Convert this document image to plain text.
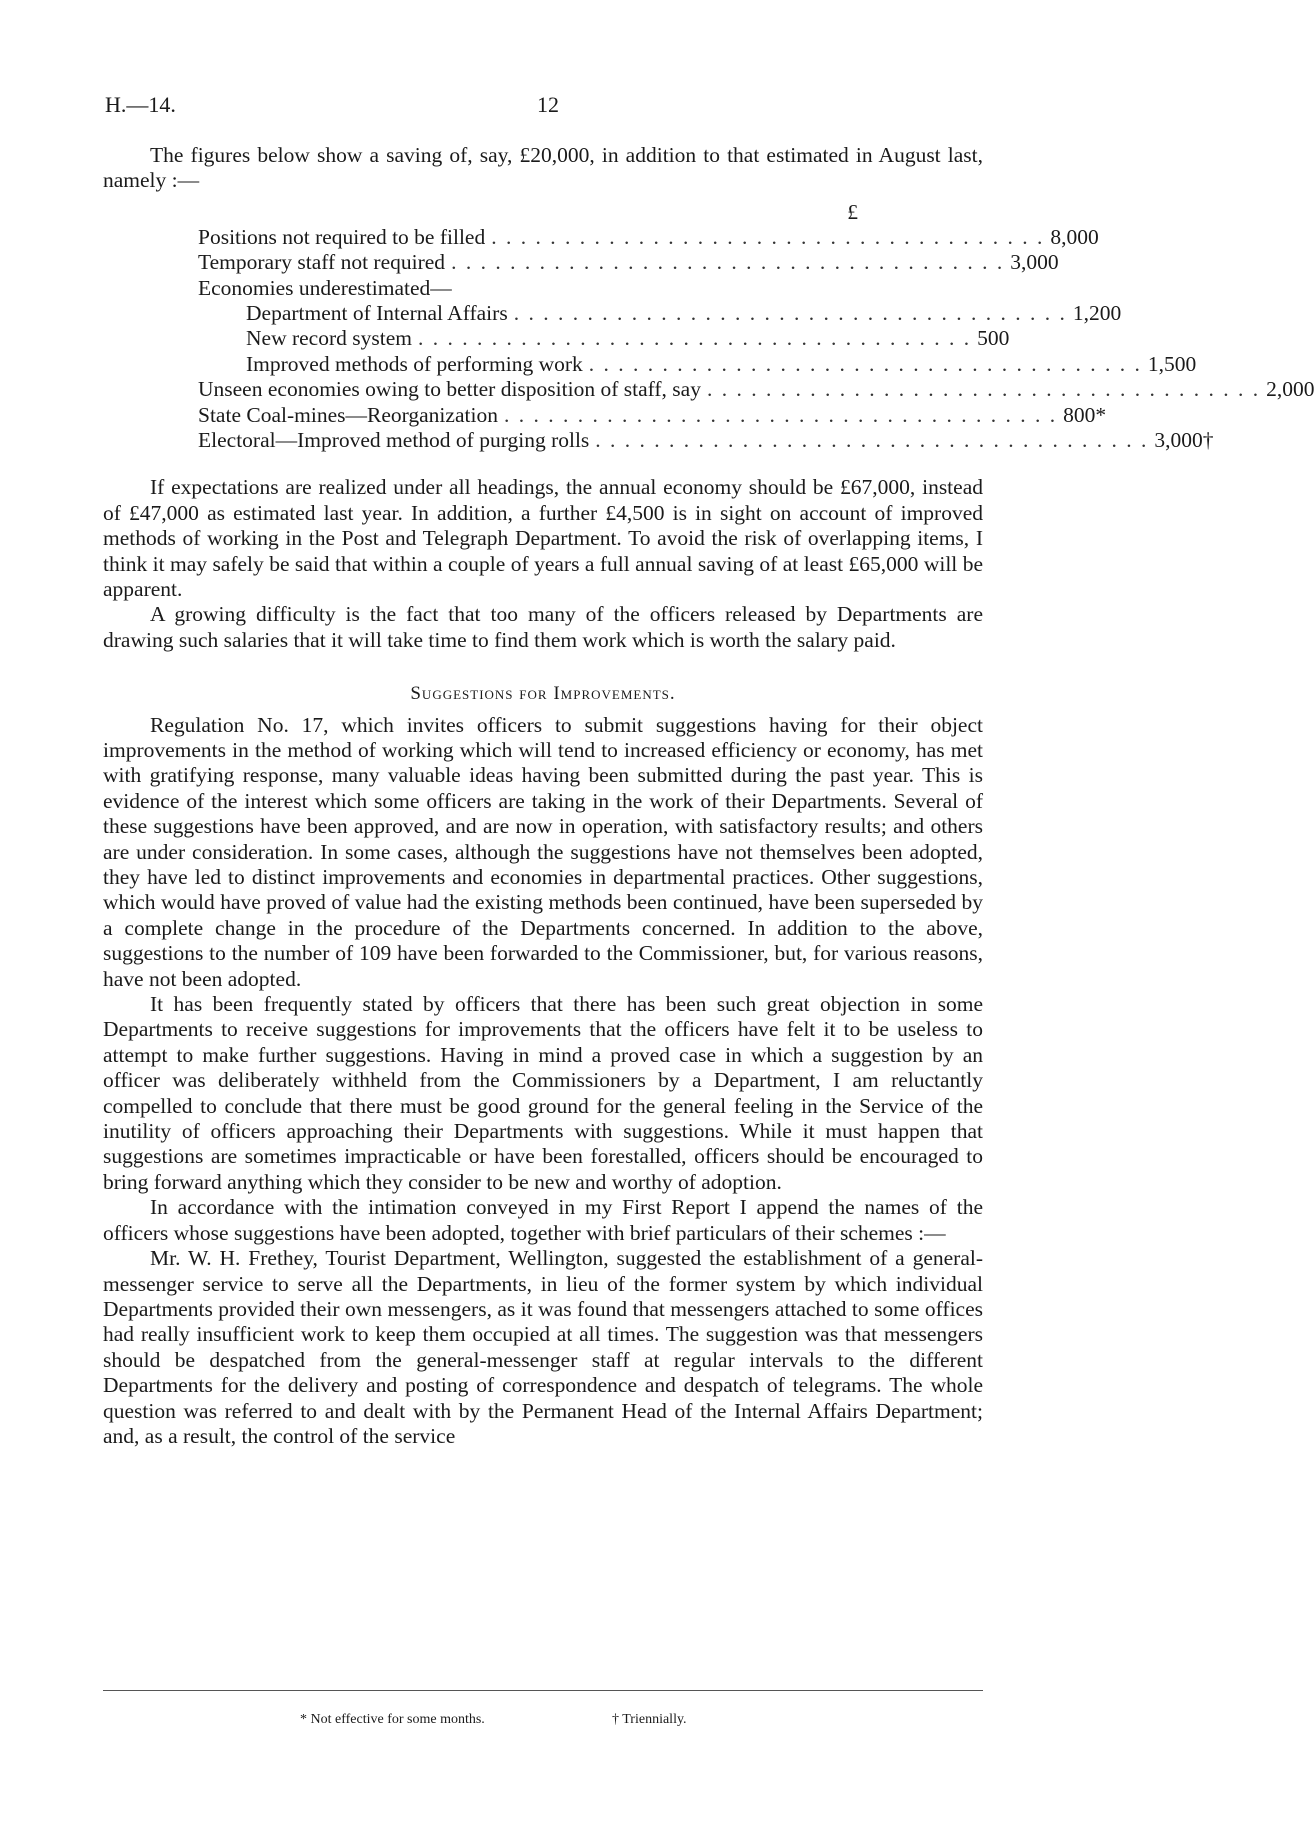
H.—14.	12

The figures below show a saving of, say, £20,000, in addition to that estimated in August last, namely :—

£
Positions not required to be filled . . . . . . . . . . . . . . . . . . . . . . . . . . . . . . . . . . . . . . 8,000
Temporary staff not required . . . . . . . . . . . . . . . . . . . . . . . . . . . . . . . . . . . . . . 3,000
Economies underestimated—
Department of Internal Affairs . . . . . . . . . . . . . . . . . . . . . . . . . . . . . . . . . . . . . . 1,200
New record system . . . . . . . . . . . . . . . . . . . . . . . . . . . . . . . . . . . . . . 500
Improved methods of performing work . . . . . . . . . . . . . . . . . . . . . . . . . . . . . . . . . . . . . . 1,500
Unseen economies owing to better disposition of staff, say . . . . . . . . . . . . . . . . . . . . . . . . . . . . . . . . . . . . . . 2,000
State Coal-mines—Reorganization . . . . . . . . . . . . . . . . . . . . . . . . . . . . . . . . . . . . . . 800*
Electoral—Improved method of purging rolls . . . . . . . . . . . . . . . . . . . . . . . . . . . . . . . . . . . . . . 3,000†

If expectations are realized under all headings, the annual economy should be £67,000, instead of £47,000 as estimated last year. In addition, a further £4,500 is in sight on account of improved methods of working in the Post and Telegraph Department. To avoid the risk of overlapping items, I think it may safely be said that within a couple of years a full annual saving of at least £65,000 will be apparent.

A growing difficulty is the fact that too many of the officers released by Departments are drawing such salaries that it will take time to find them work which is worth the salary paid.

Suggestions for Improvements.

Regulation No. 17, which invites officers to submit suggestions having for their object improvements in the method of working which will tend to increased efficiency or economy, has met with gratifying response, many valuable ideas having been submitted during the past year. This is evidence of the interest which some officers are taking in the work of their Departments. Several of these suggestions have been approved, and are now in operation, with satisfactory results; and others are under consideration. In some cases, although the suggestions have not themselves been adopted, they have led to distinct improvements and economies in departmental practices. Other suggestions, which would have proved of value had the existing methods been continued, have been superseded by a complete change in the procedure of the Departments concerned. In addition to the above, suggestions to the number of 109 have been forwarded to the Commissioner, but, for various reasons, have not been adopted.

It has been frequently stated by officers that there has been such great objection in some Departments to receive suggestions for improvements that the officers have felt it to be useless to attempt to make further suggestions. Having in mind a proved case in which a suggestion by an officer was deliberately withheld from the Commissioners by a Department, I am reluctantly compelled to conclude that there must be good ground for the general feeling in the Service of the inutility of officers approaching their Departments with suggestions. While it must happen that suggestions are sometimes impracticable or have been forestalled, officers should be encouraged to bring forward anything which they consider to be new and worthy of adoption.

In accordance with the intimation conveyed in my First Report I append the names of the officers whose suggestions have been adopted, together with brief particulars of their schemes :—

Mr. W. H. Frethey, Tourist Department, Wellington, suggested the establishment of a general-messenger service to serve all the Departments, in lieu of the former system by which individual Departments provided their own messengers, as it was found that messengers attached to some offices had really insufficient work to keep them occupied at all times. The suggestion was that messengers should be despatched from the general-messenger staff at regular intervals to the different Departments for the delivery and posting of correspondence and despatch of telegrams. The whole question was referred to and dealt with by the Permanent Head of the Internal Affairs Department; and, as a result, the control of the service

* Not effective for some months.	† Triennially.
